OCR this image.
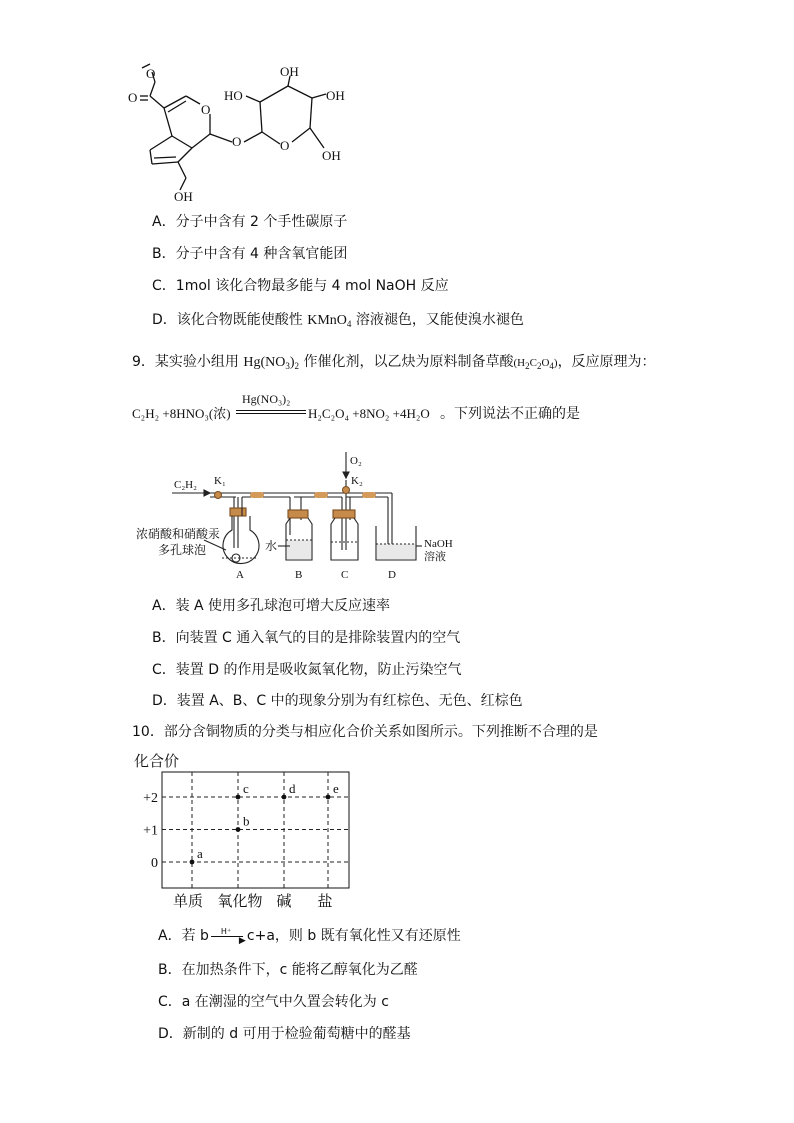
O
O
O
O	O
OH
HO	OH
OH
OH
A．分子中含有 2 个手性碳原子
B．分子中含有 4 种含氧官能团
C．1mol 该化合物最多能与 4 mol NaOH 反应
D．该化合物既能使酸性 KMnO$_4$ 溶液褪色，又能使溴水褪色
9．某实验小组用 $Hg(NO_3)_2$ 作催化剂，以乙炔为原料制备草酸$(H_2C_2O_4)$，反应原理为：
C₂H₂ +8HNO₃(浓)
Hg(NO₃)₂
H₂C₂O₄ +8NO₂ +4H₂O 。下列说法不正确的是
C₂H₂ K₁
O₂
K₂
浓硝酸和硝酸汞
多孔球泡	水	NaOH
溶液
A	B	C	D
A．装 A 使用多孔球泡可增大反应速率
B．向装置 C 通入氧气的目的是排除装置内的空气
C．装置 D 的作用是吸收氮氧化物，防止污染空气
D．装置 A、B、C 中的现象分别为有红棕色、无色、红棕色
10．部分含铜物质的分类与相应化合价关系如图所示。下列推断不合理的是
化合价
+2
+1
0
单质 氧化物 碱 盐
a
b
c	d	e
A．若 b H⁺
▶ c+a，则 b 既有氧化性又有还原性
B．在加热条件下，c 能将乙醇氧化为乙醛
C．a 在潮湿的空气中久置会转化为 c
D．新制的 d 可用于检验葡萄糖中的醛基
